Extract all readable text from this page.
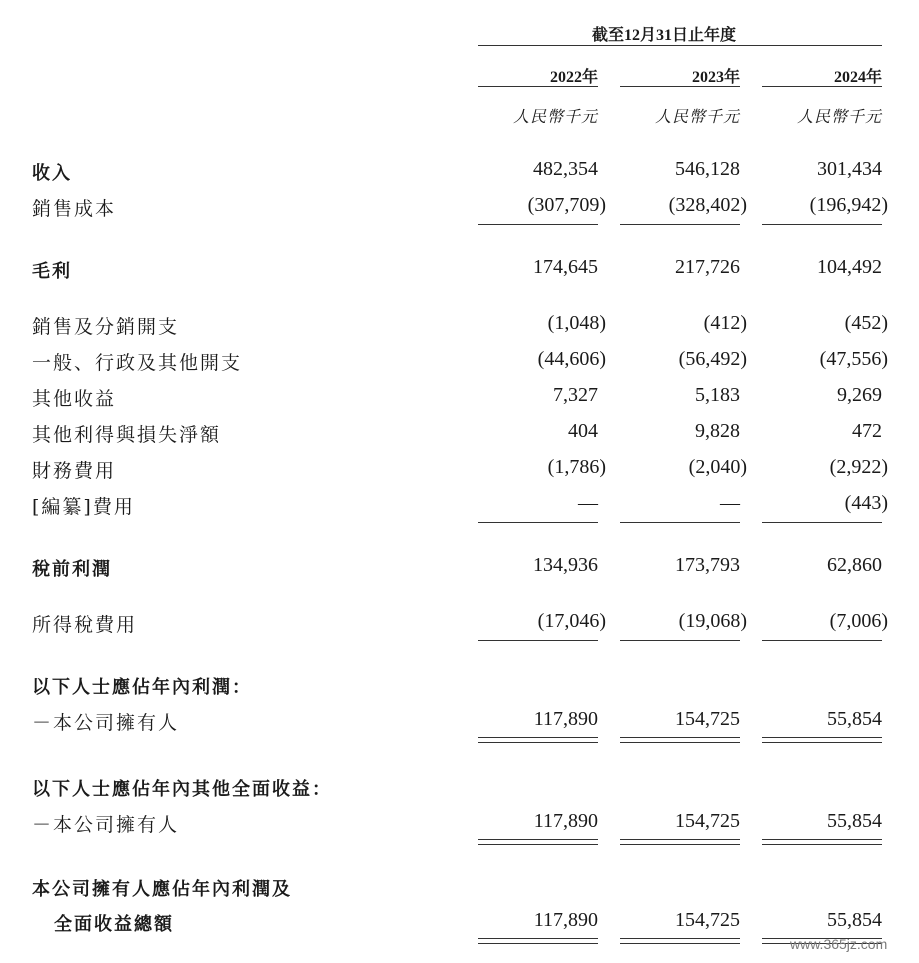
截至12月31日止年度
2022年	2023年	2024年
人民幣千元	人民幣千元	人民幣千元
收入	482,354	546,128	301,434
銷售成本	(307,709)	(328,402)	(196,942)
毛利	174,645	217,726	104,492
銷售及分銷開支	(1,048)	(412)	(452)
一般、行政及其他開支	(44,606)	(56,492)	(47,556)
其他收益	7,327	5,183	9,269
其他利得與損失淨額	404	9,828	472
財務費用	(1,786)	(2,040)	(2,922)
[編纂]費用	—	—	(443)
稅前利潤	134,936	173,793	62,860
所得稅費用	(17,046)	(19,068)	(7,006)
以下人士應佔年內利潤：
－本公司擁有人	117,890	154,725	55,854
以下人士應佔年內其他全面收益：
－本公司擁有人	117,890	154,725	55,854
本公司擁有人應佔年內利潤及
全面收益總額	117,890	154,725	55,854
www.365jz.com
